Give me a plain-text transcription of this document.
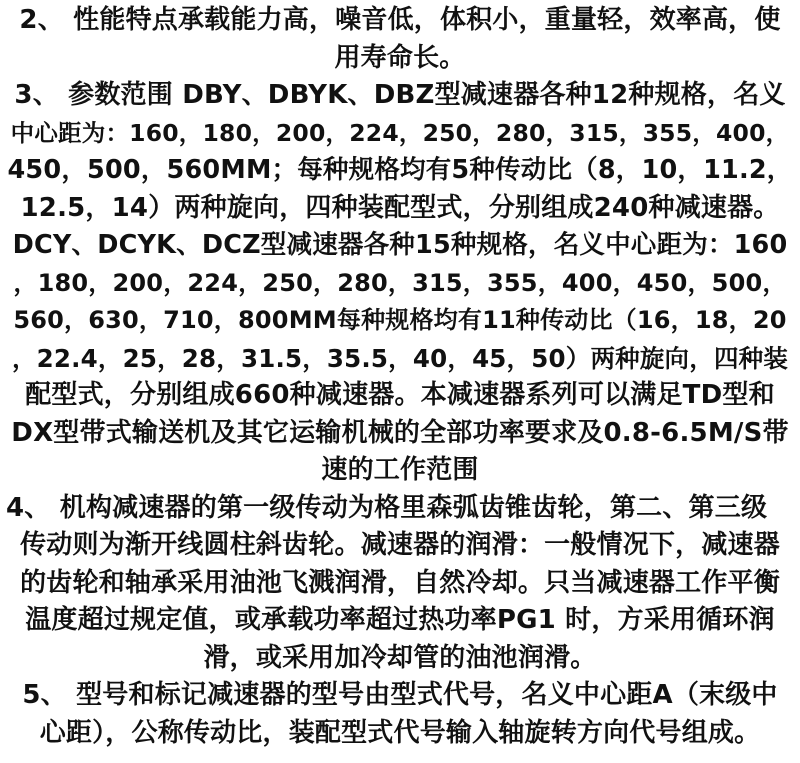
2、 性能特点承载能力高，噪音低，体积小，重量轻，效率高，使
用寿命长。
3、 参数范围 DBY、DBYK、DBZ型减速器各种12种规格，名义
中心距为：160，180，200，224，250，280，315，355，400，
450，500，560MM；每种规格均有5种传动比（8，10，11.2，
12.5，14）两种旋向，四种装配型式，分别组成240种减速器。
DCY、DCYK、DCZ型减速器各种15种规格，名义中心距为：160
，180，200，224，250，280，315，355，400，450，500，
560，630，710，800MM每种规格均有11种传动比（16，18，20
，22.4，25，28，31.5，35.5，40，45，50）两种旋向，四种装
配型式，分别组成660种减速器。本减速器系列可以满足TD型和
DX型带式输送机及其它运输机械的全部功率要求及0.8-6.5M/S带
速的工作范围
4、 机构减速器的第一级传动为格里森弧齿锥齿轮，第二、第三级
传动则为渐开线圆柱斜齿轮。减速器的润滑：一般情况下，减速器
的齿轮和轴承采用油池飞溅润滑，自然冷却。只当减速器工作平衡
温度超过规定值，或承载功率超过热功率PG1 时，方采用循环润
滑，或采用加冷却管的油池润滑。
5、 型号和标记减速器的型号由型式代号，名义中心距A（末级中
心距），公称传动比，装配型式代号输入轴旋转方向代号组成。
